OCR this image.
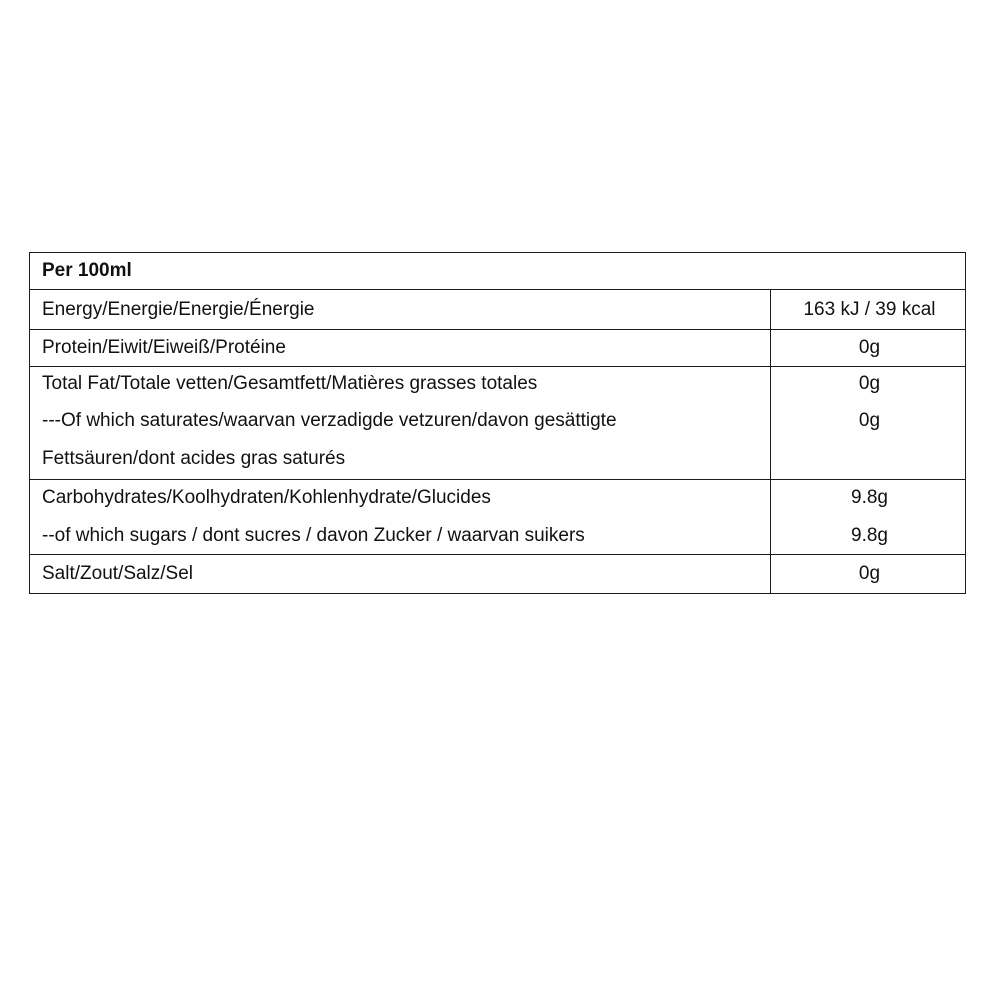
Per 100ml
Energy/Energie/Energie/Énergie	163 kJ / 39 kcal
Protein/Eiwit/Eiweiß/Protéine	0g
Total Fat/Totale vetten/Gesamtfett/Matières grasses totales	0g
---Of which saturates/waarvan verzadigde vetzuren/davon gesättigte	0g
Fettsäuren/dont acides gras saturés
Carbohydrates/Koolhydraten/Kohlenhydrate/Glucides	9.8g
--of which sugars / dont sucres / davon Zucker / waarvan suikers	9.8g
Salt/Zout/Salz/Sel	0g
